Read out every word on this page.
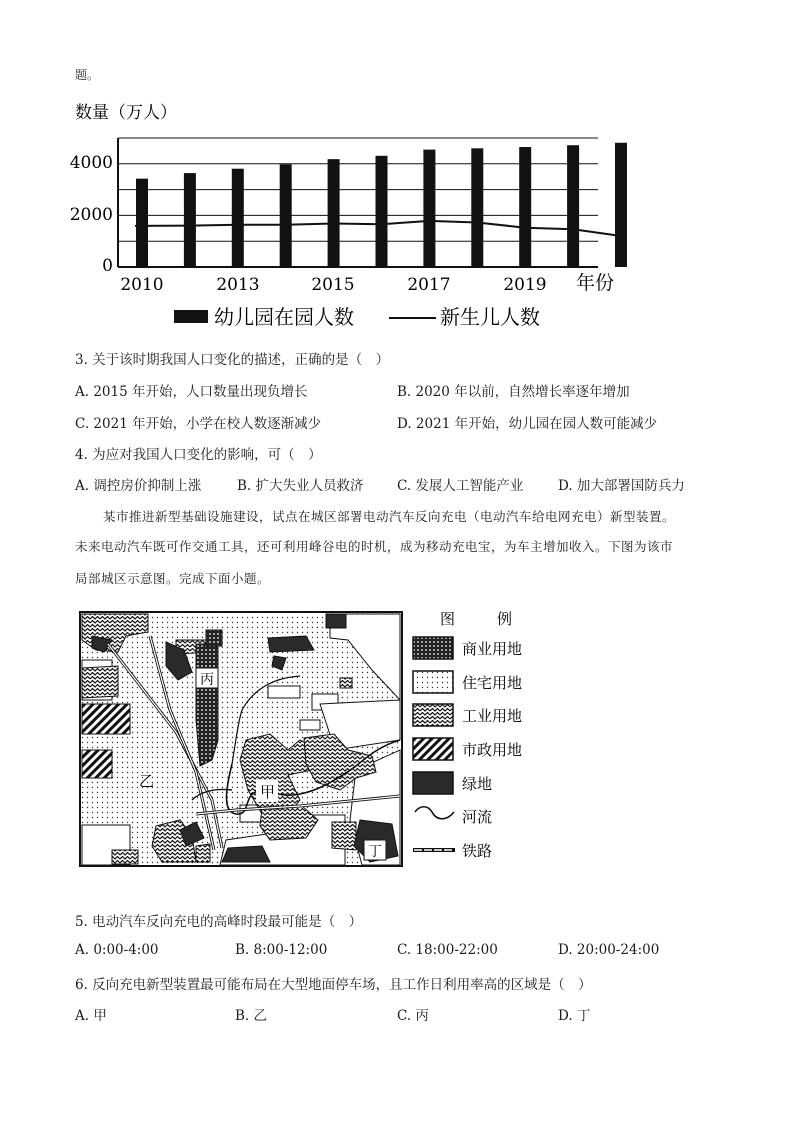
题。
数量（万人）
0
2000
4000
2010	2013	2015	2017	2019 年份
幼儿园在园人数	新生儿人数
3. 关于该时期我国人口变化的描述，正确的是（　）
A. 2015 年开始，人口数量出现负增长	B. 2020 年以前，自然增长率逐年增加
C. 2021 年开始，小学在校人数逐渐减少	D. 2021 年开始，幼儿园在园人数可能减少
4. 为应对我国人口变化的影响，可（　）
A. 调控房价抑制上涨	B. 扩大失业人员救济 C. 发展人工智能产业	D. 加大部署国防兵力
某市推进新型基础设施建设，试点在城区部署电动汽车反向充电（电动汽车给电网充电）新型装置。
未来电动汽车既可作交通工具，还可利用峰谷电的时机，成为移动充电宝，为车主增加收入。下图为该市
局部城区示意图。完成下面小题。
丙
乙
甲
丁
图	例
商业用地
住宅用地
工业用地
市政用地
绿地
河流
铁路
5. 电动汽车反向充电的高峰时段最可能是（　）
A. 0:00-4:00	B. 8:00-12:00	C. 18:00-22:00	D. 20:00-24:00
6. 反向充电新型装置最可能布局在大型地面停车场，且工作日利用率高的区域是（　）
A. 甲	B. 乙	C. 丙	D. 丁
